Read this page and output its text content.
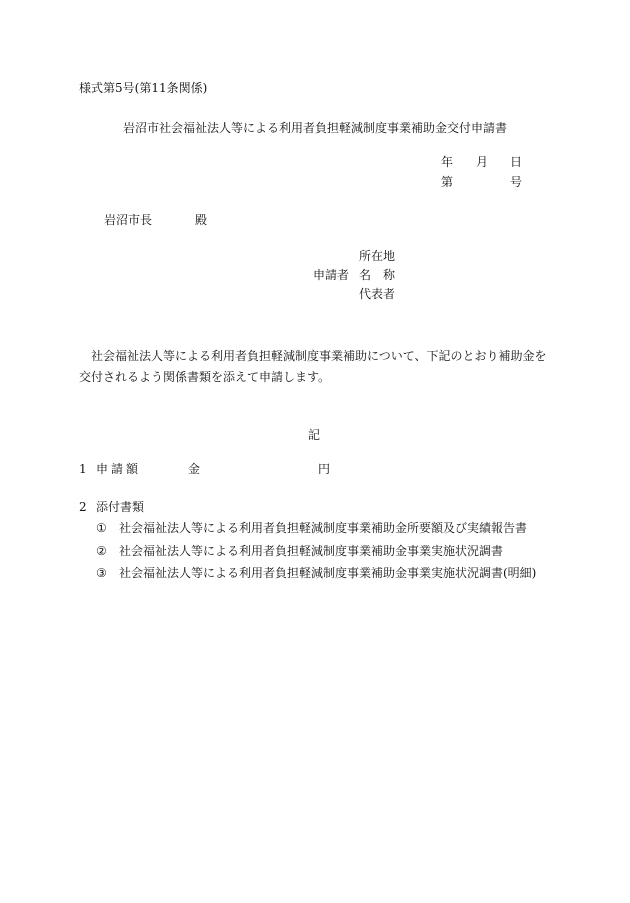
様式第5号(第11条関係)
岩沼市社会福祉法人等による利用者負担軽減制度事業補助金交付申請書
年 月 日
第	号
岩沼市長	殿
所在地
申請者 名　称
代表者
社会福祉法人等による利用者負担軽減制度事業補助について、下記のとおり補助金を交付されるよう関係書類を添えて申請します。
記
1 申請額	金	円
2 添付書類
① 社会福祉法人等による利用者負担軽減制度事業補助金所要額及び実績報告書
② 社会福祉法人等による利用者負担軽減制度事業補助金事業実施状況調書
③ 社会福祉法人等による利用者負担軽減制度事業補助金事業実施状況調書(明細)
